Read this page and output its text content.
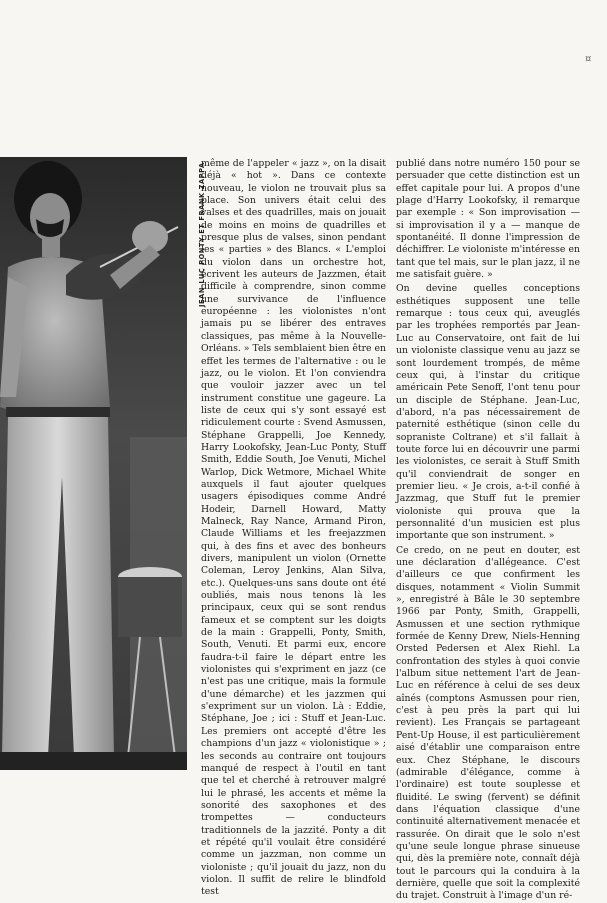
¤
JEAN-LUC PONTY ET FRANK ZAPPA

même de l'appeler « jazz », on la disait déjà « hot ». Dans ce contexte nouveau, le violon ne trouvait plus sa place. Son univers était celui des valses et des quadrilles, mais on jouait de moins en moins de quadrilles et presque plus de valses, sinon pendant les « parties » des Blancs. « L'emploi du violon dans un orchestre hot, écrivent les auteurs de Jazzmen, était difficile à comprendre, sinon comme une survivance de l'influence européenne : les violonistes n'ont jamais pu se libérer des entraves classiques, pas même à la Nouvelle-Orléans. » Tels semblaient bien être en effet les termes de l'alternative : ou le jazz, ou le violon. Et l'on conviendra que vouloir jazzer avec un tel instrument constitue une gageure. La liste de ceux qui s'y sont essayé est ridiculement courte : Svend Asmussen, Stéphane Grappelli, Joe Kennedy, Harry Lookofsky, Jean-Luc Ponty, Stuff Smith, Eddie South, Joe Venuti, Michel Warlop, Dick Wetmore, Michael White auxquels il faut ajouter quelques usagers épisodiques comme André Hodeir, Darnell Howard, Matty Malneck, Ray Nance, Armand Piron, Claude Williams et les freejazzmen qui, à des fins et avec des bonheurs divers, manipulent un violon (Ornette Coleman, Leroy Jenkins, Alan Silva, etc.). Quelques-uns sans doute ont été oubliés, mais nous tenons là les principaux, ceux qui se sont rendus fameux et se comptent sur les doigts de la main : Grappelli, Ponty, Smith, South, Venuti. Et parmi eux, encore faudra-t-il faire le départ entre les violonistes qui s'expriment en jazz (ce n'est pas une critique, mais la formule d'une démarche) et les jazzmen qui s'expriment sur un violon. Là : Eddie, Stéphane, Joe ; ici : Stuff et Jean-Luc. Les premiers ont accepté d'être les champions d'un jazz « violonistique » ; les seconds au contraire ont toujours manqué de respect à l'outil en tant que tel et cherché à retrouver malgré lui le phrasé, les accents et même la sonorité des saxophones et des trompettes — conducteurs traditionnels de la jazzité. Ponty a dit et répété qu'il voulait être considéré comme un jazzman, non comme un violoniste ; qu'il jouait du jazz, non du violon. Il suffit de relire le blindfold test

publié dans notre numéro 150 pour se persuader que cette distinction est un effet capitale pour lui. A propos d'une plage d'Harry Lookofsky, il remarque par exemple : « Son improvisation — si improvisation il y a — manque de spontanéité. Il donne l'impression de déchiffrer. Le violoniste m'intéresse en tant que tel mais, sur le plan jazz, il ne me satisfait guère. »

On devine quelles conceptions esthétiques supposent une telle remarque : tous ceux qui, aveuglés par les trophées remportés par Jean-Luc au Conservatoire, ont fait de lui un violoniste classique venu au jazz se sont lourdement trompés, de même ceux qui, à l'instar du critique américain Pete Senoff, l'ont tenu pour un disciple de Stéphane. Jean-Luc, d'abord, n'a pas nécessairement de paternité esthétique (sinon celle du sopraniste Coltrane) et s'il fallait à toute force lui en découvrir une parmi les violonistes, ce serait à Stuff Smith qu'il conviendrait de songer en premier lieu. « Je crois, a-t-il confié à Jazzmag, que Stuff fut le premier violoniste qui prouva que la personnalité d'un musicien est plus importante que son instrument. »

Ce credo, on ne peut en douter, est une déclaration d'allégeance. C'est d'ailleurs ce que confirment les disques, notamment « Violin Summit », enregistré à Bâle le 30 septembre 1966 par Ponty, Smith, Grappelli, Asmussen et une section rythmique formée de Kenny Drew, Niels-Henning Orsted Pedersen et Alex Riehl. La confrontation des styles à quoi convie l'album situe nettement l'art de Jean-Luc en référence à celui de ses deux aînés (comptons Asmussen pour rien, c'est à peu près la part qui lui revient). Les Français se partageant Pent-Up House, il est particulièrement aisé d'établir une comparaison entre eux. Chez Stéphane, le discours (admirable d'élégance, comme à l'ordinaire) est toute souplesse et fluidité. Le swing (fervent) se définit dans l'équation classique d'une continuité alternativement menacée et rassurée. On dirait que le solo n'est qu'une seule longue phrase sinueuse qui, dès la première note, connaît déjà tout le parcours qui la conduira à la dernière, quelle que soit la complexité du trajet. Construit à l'image d'un ré-
